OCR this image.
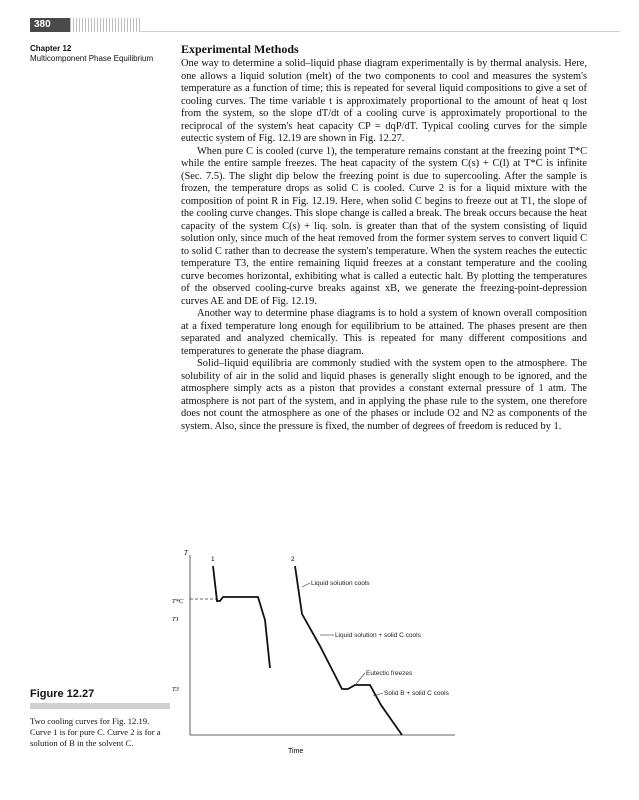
380
Chapter 12
Multicomponent Phase Equilibrium
Experimental Methods

One way to determine a solid–liquid phase diagram experimentally is by thermal analysis. Here, one allows a liquid solution (melt) of the two components to cool and measures the system's temperature as a function of time; this is repeated for several liquid compositions to give a set of cooling curves. The time variable t is approximately proportional to the amount of heat q lost from the system, so the slope dT/dt of a cooling curve is approximately proportional to the reciprocal of the system's heat capacity CP = dqP/dT. Typical cooling curves for the simple eutectic system of Fig. 12.19 are shown in Fig. 12.27.

When pure C is cooled (curve 1), the temperature remains constant at the freezing point T*C while the entire sample freezes. The heat capacity of the system C(s) + C(l) at T*C is infinite (Sec. 7.5). The slight dip below the freezing point is due to supercooling. After the sample is frozen, the temperature drops as solid C is cooled. Curve 2 is for a liquid mixture with the composition of point R in Fig. 12.19. Here, when solid C begins to freeze out at T1, the slope of the cooling curve changes. This slope change is called a break. The break occurs because the heat capacity of the system C(s) + liq. soln. is greater than that of the system consisting of liquid solution only, since much of the heat removed from the former system serves to convert liquid C to solid C rather than to decrease the system's temperature. When the system reaches the eutectic temperature T3, the entire remaining liquid freezes at a constant temperature and the cooling curve becomes horizontal, exhibiting what is called a eutectic halt. By plotting the temperatures of the observed cooling-curve breaks against xB, we generate the freezing-point-depression curves AE and DE of Fig. 12.19.

Another way to determine phase diagrams is to hold a system of known overall composition at a fixed temperature long enough for equilibrium to be attained. The phases present are then separated and analyzed chemically. This is repeated for many different compositions and temperatures to generate the phase diagram.

Solid–liquid equilibria are commonly studied with the system open to the atmosphere. The solubility of air in the solid and liquid phases is generally slight enough to be ignored, and the atmosphere simply acts as a piston that provides a constant external pressure of 1 atm. The atmosphere is not part of the system, and in applying the phase rule to the system, one therefore does not count the atmosphere as one of the phases or include O2 and N2 as components of the system. Also, since the pressure is fixed, the number of degrees of freedom is reduced by 1.

T
Time
T*C
T1
T3
1	2
Liquid solution cools
Liquid solution + solid C cools
Eutectic freezes
Solid B + solid C cools
Figure 12.27
Two cooling curves for Fig. 12.19. Curve 1 is for pure C. Curve 2 is for a solution of B in the solvent C.
